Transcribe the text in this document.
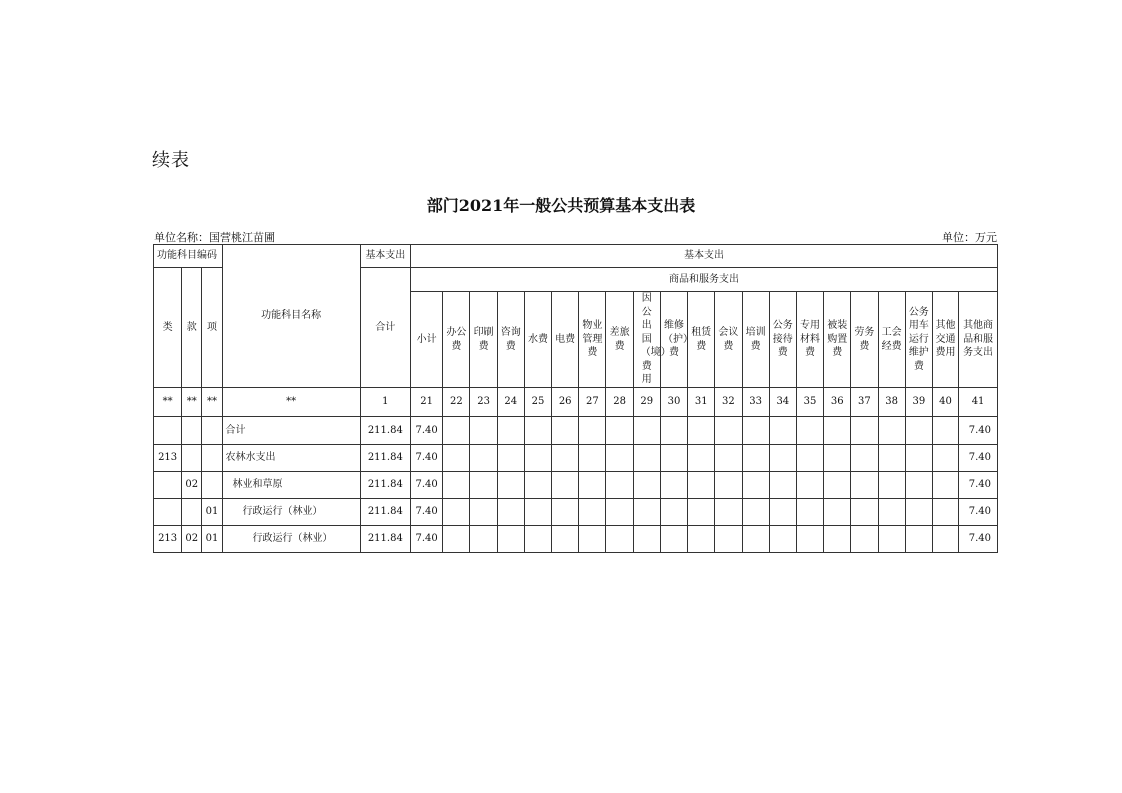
续表
部门2021年一般公共预算基本支出表
单位名称：国营桃江苗圃	单位：万元
功能科目编码			功能科目名称	基本支出	基本支出																				
类	款	项		合计	商品和服务支出																				
					小计	办公费	印刷费	咨询费	水费	电费	物业管理费	差旅费	因公出国（境）费用	维修（护）费	租赁费	会议费	培训费	公务接待费	专用材料费	被装购置费	劳务费	工会经费	公务用车运行维护费	其他交通费用	其他商品和服务支出
**	**	**	**	1	21	22	23	24	25	26	27	28	29	30	31	32	33	34	35	36	37	38	39	40	41
			合计	211.84	7.40																				7.40
213			农林水支出	211.84	7.40																				7.40
	02		林业和草原	211.84	7.40																				7.40
		01	行政运行（林业）	211.84	7.40																				7.40
213	02	01	行政运行（林业）	211.84	7.40																				7.40
